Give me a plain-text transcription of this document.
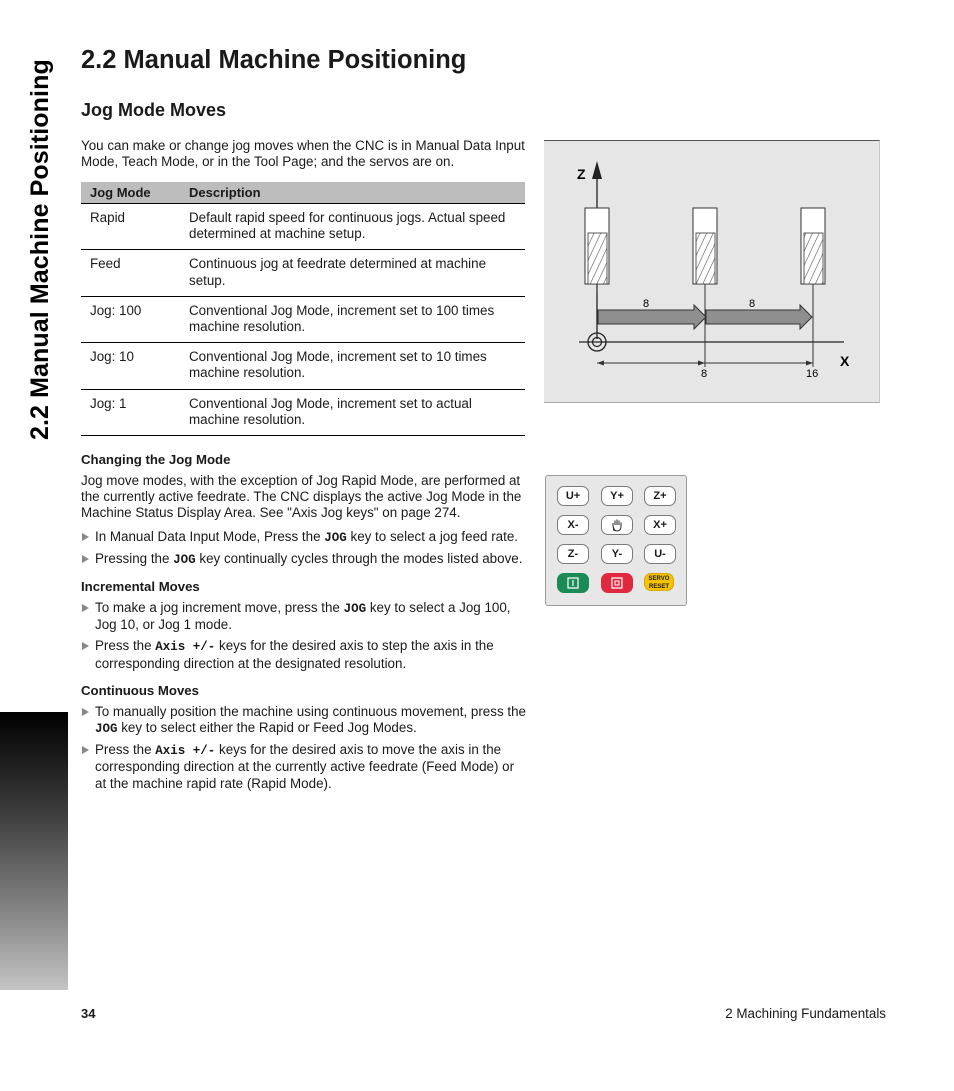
2.2 Manual Machine Positioning 2.2 Manual Machine Positioning
Jog Mode Moves

You can make or change jog moves when the CNC is in Manual Data Input Mode, Teach Mode, or in the Tool Page; and the servos are on.

Jog Mode	Description
Rapid	Default rapid speed for continuous jogs. Actual speed determined at machine setup.
Feed	Continuous jog at feedrate determined at machine setup.
Jog: 100	Conventional Jog Mode, increment set to 100 times machine resolution.
Jog: 10	Conventional Jog Mode, increment set to 10 times machine resolution.
Jog: 1	Conventional Jog Mode, increment set to actual machine resolution.
Changing the Jog Mode

Jog move modes, with the exception of Jog Rapid Mode, are performed at the currently active feedrate. The CNC displays the active Jog Mode in the Machine Status Display Area. See "Axis Jog keys" on page 274.

In Manual Data Input Mode, Press the JOG key to select a jog feed rate.
Pressing the JOG key continually cycles through the modes listed above.
Incremental Moves
To make a jog increment move, press the JOG key to select a Jog 100, Jog 10, or Jog 1 mode.
Press the Axis +/- keys for the desired axis to step the axis in the corresponding direction at the designated resolution.
Continuous Moves
To manually position the machine using continuous movement, press the JOG key to select either the Rapid or Feed Jog Modes.
Press the Axis +/- keys for the desired axis to move the axis in the corresponding direction at the currently active feedrate (Feed Mode) or at the machine rapid rate (Rapid Mode).
Z
X
8	8
8	16
U+	Y+	Z+
X-	X+
Z-	Y-	U-
SERVO
RESET
34	2 Machining Fundamentals
